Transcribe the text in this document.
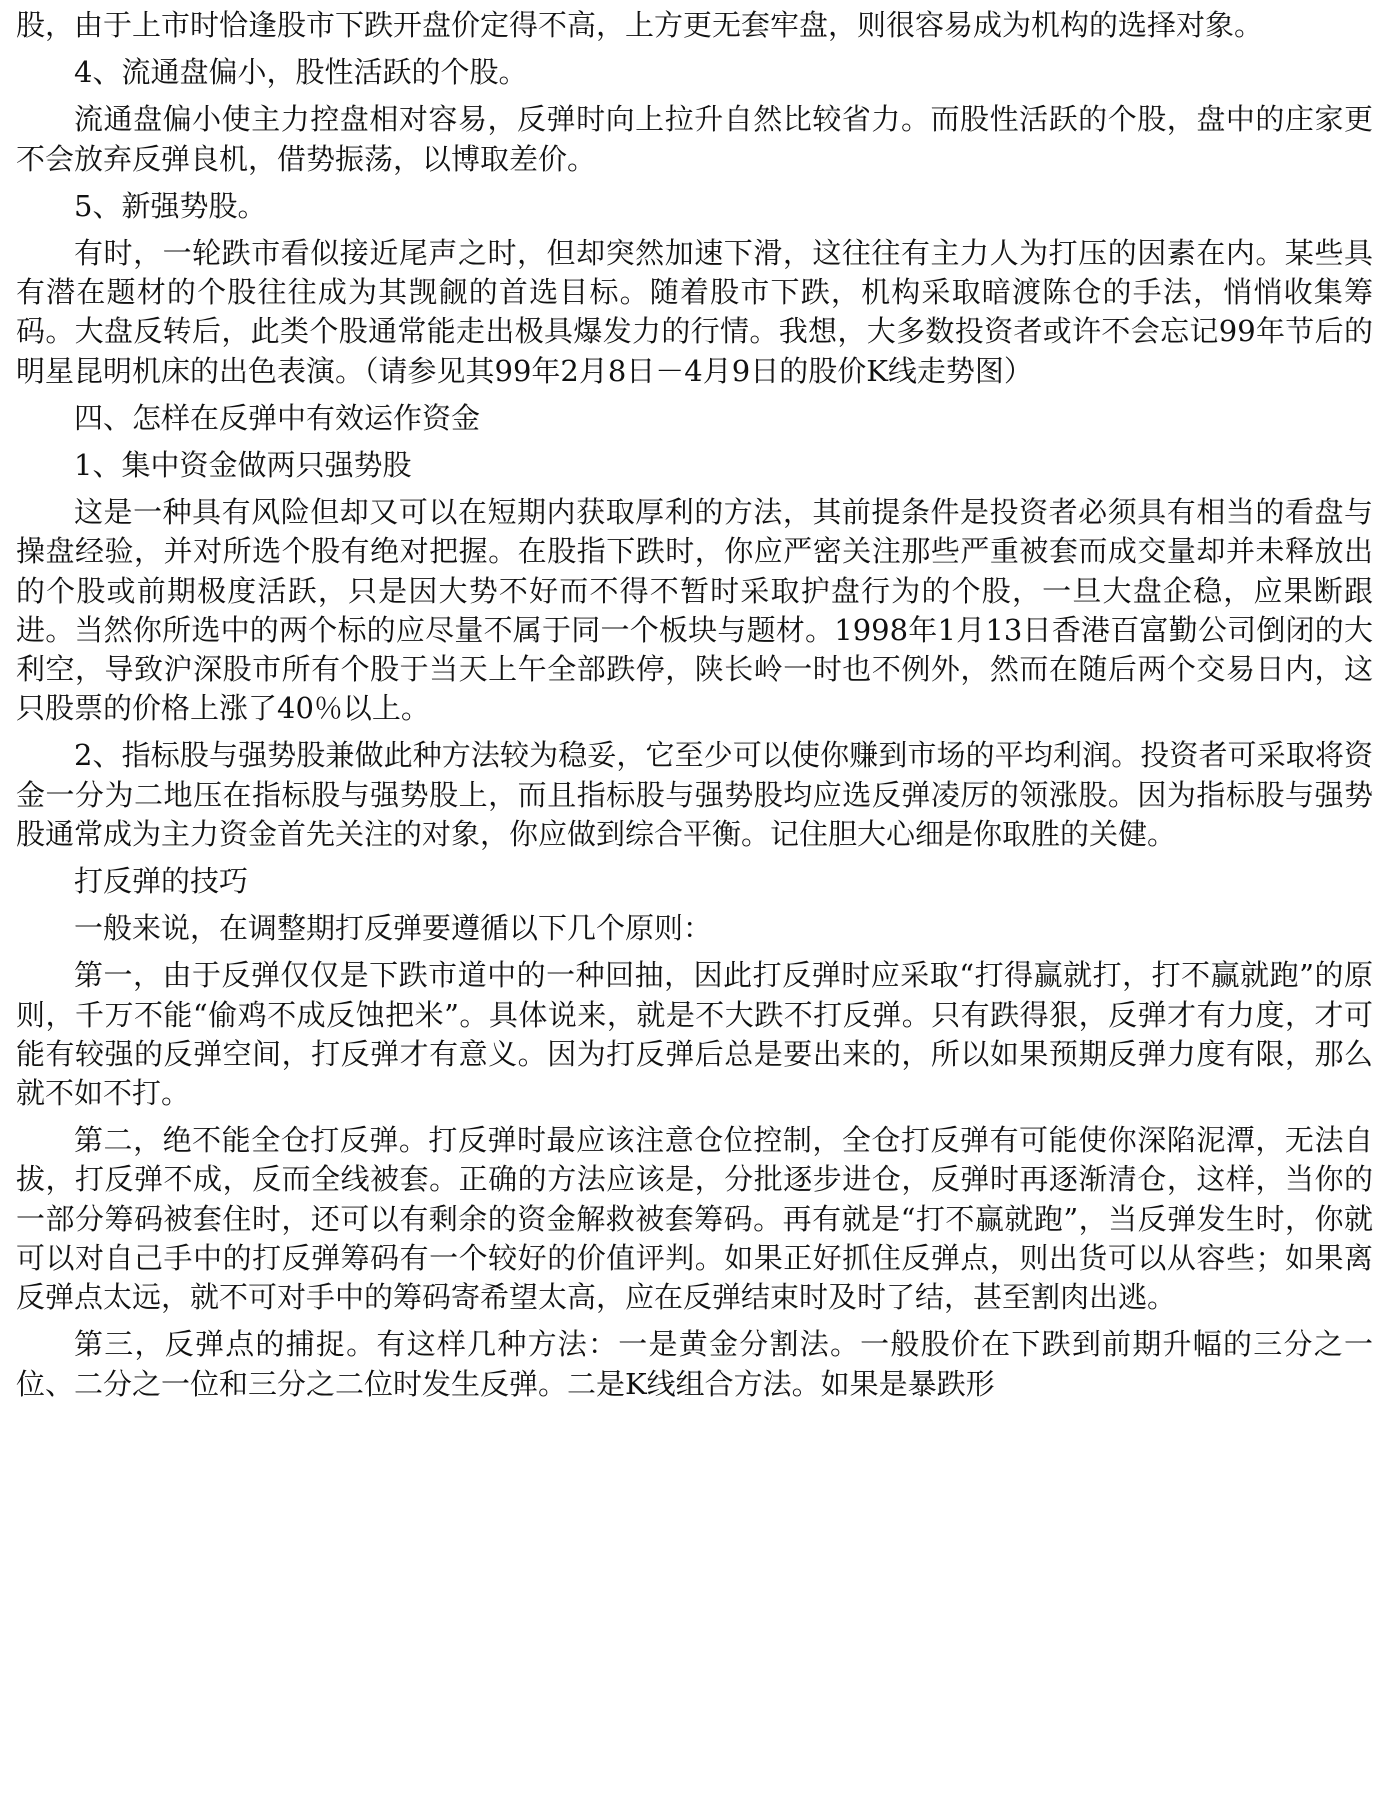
股，由于上市时恰逢股市下跌开盘价定得不高，上方更无套牢盘，则很容易成为机构的选择对象。

4、流通盘偏小，股性活跃的个股。

流通盘偏小使主力控盘相对容易，反弹时向上拉升自然比较省力。而股性活跃的个股，盘中的庄家更不会放弃反弹良机，借势振荡，以博取差价。

5、新强势股。

有时，一轮跌市看似接近尾声之时，但却突然加速下滑，这往往有主力人为打压的因素在内。某些具有潜在题材的个股往往成为其觊觎的首选目标。随着股市下跌，机构采取暗渡陈仓的手法，悄悄收集筹码。大盘反转后，此类个股通常能走出极具爆发力的行情。我想，大多数投资者或许不会忘记99年节后的明星昆明机床的出色表演。（请参见其99年2月8日－4月9日的股价K线走势图）

四、怎样在反弹中有效运作资金

1、集中资金做两只强势股

这是一种具有风险但却又可以在短期内获取厚利的方法，其前提条件是投资者必须具有相当的看盘与操盘经验，并对所选个股有绝对把握。在股指下跌时，你应严密关注那些严重被套而成交量却并未释放出的个股或前期极度活跃，只是因大势不好而不得不暂时采取护盘行为的个股，一旦大盘企稳，应果断跟进。当然你所选中的两个标的应尽量不属于同一个板块与题材。1998年1月13日香港百富勤公司倒闭的大利空，导致沪深股市所有个股于当天上午全部跌停，陕长岭一时也不例外，然而在随后两个交易日内，这只股票的价格上涨了40％以上。

2、指标股与强势股兼做此种方法较为稳妥，它至少可以使你赚到市场的平均利润。投资者可采取将资金一分为二地压在指标股与强势股上，而且指标股与强势股均应选反弹凌厉的领涨股。因为指标股与强势股通常成为主力资金首先关注的对象，你应做到综合平衡。记住胆大心细是你取胜的关健。

打反弹的技巧

一般来说，在调整期打反弹要遵循以下几个原则：

第一，由于反弹仅仅是下跌市道中的一种回抽，因此打反弹时应采取“打得赢就打，打不赢就跑”的原则，千万不能“偷鸡不成反蚀把米”。具体说来，就是不大跌不打反弹。只有跌得狠，反弹才有力度，才可能有较强的反弹空间，打反弹才有意义。因为打反弹后总是要出来的，所以如果预期反弹力度有限，那么就不如不打。

第二，绝不能全仓打反弹。打反弹时最应该注意仓位控制，全仓打反弹有可能使你深陷泥潭，无法自拔，打反弹不成，反而全线被套。正确的方法应该是，分批逐步进仓，反弹时再逐渐清仓，这样，当你的一部分筹码被套住时，还可以有剩余的资金解救被套筹码。再有就是“打不赢就跑”，当反弹发生时，你就可以对自己手中的打反弹筹码有一个较好的价值评判。如果正好抓住反弹点，则出货可以从容些；如果离反弹点太远，就不可对手中的筹码寄希望太高，应在反弹结束时及时了结，甚至割肉出逃。

第三，反弹点的捕捉。有这样几种方法：一是黄金分割法。一般股价在下跌到前期升幅的三分之一位、二分之一位和三分之二位时发生反弹。二是K线组合方法。如果是暴跌形
